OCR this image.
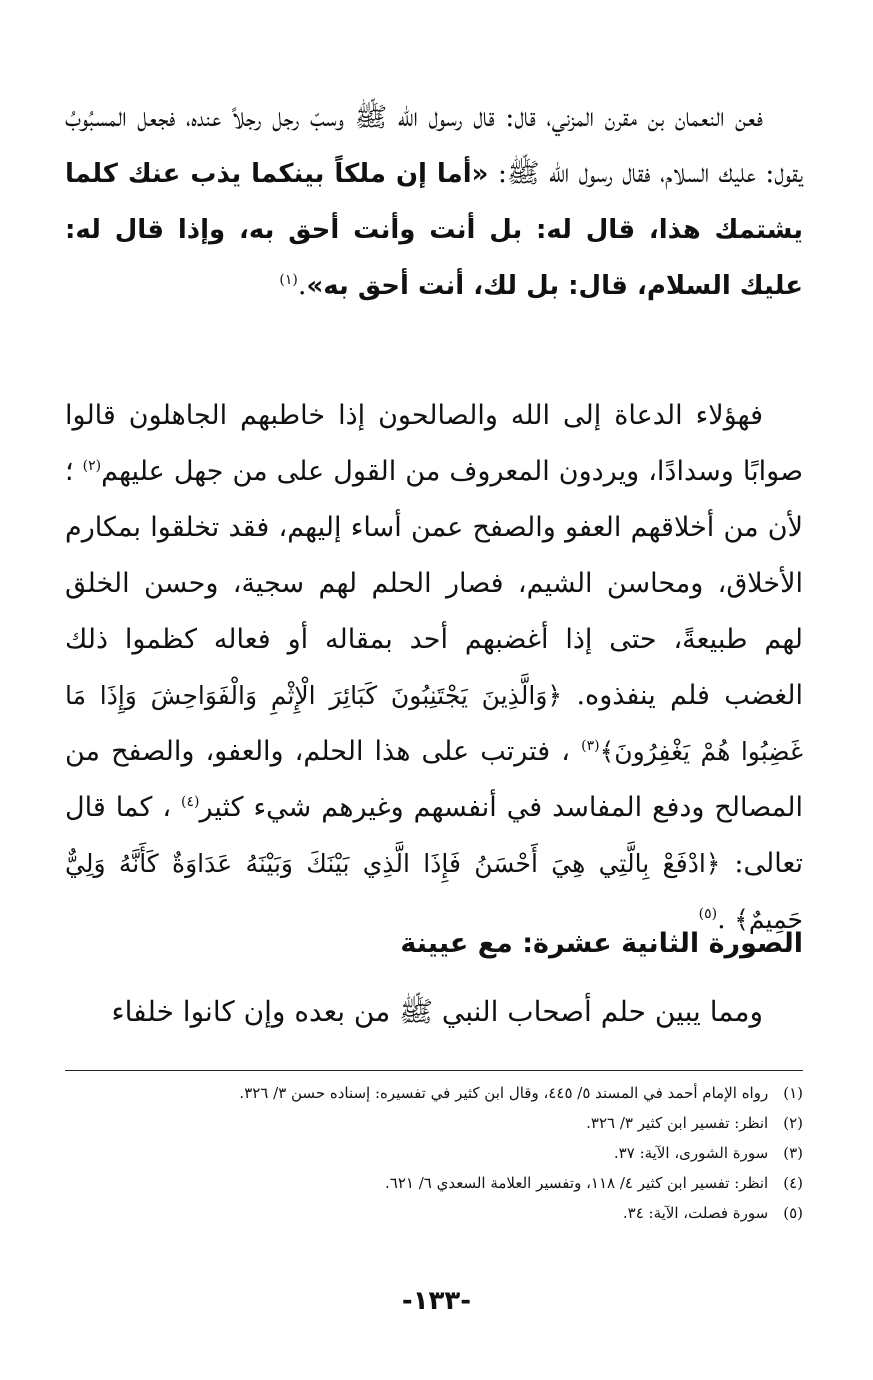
فعن النعمان بن مقرن المزني، قال: قال رسول الله ﷺ وسبّ رجل رجلاً عنده، فجعل المسبُوبُ يقول: عليك السلام، فقال رسول الله ﷺ: «أما إن ملكاً بينكما يذب عنك كلما يشتمك هذا، قال له: بل أنت وأنت أحق به، وإذا قال له: عليك السلام، قال: بل لك، أنت أحق به».$^{(١)}$

فهؤلاء الدعاة إلى الله والصالحون إذا خاطبهم الجاهلون قالوا صوابًا وسدادًا، ويردون المعروف من القول على من جهل عليهم$^{(٢)}$ ؛ لأن من أخلاقهم العفو والصفح عمن أساء إليهم، فقد تخلقوا بمكارم الأخلاق، ومحاسن الشيم، فصار الحلم لهم سجية، وحسن الخلق لهم طبيعةً، حتى إذا أغضبهم أحد بمقاله أو فعاله كظموا ذلك الغضب فلم ينفذوه. ﴿وَالَّذِينَ يَجْتَنِبُونَ كَبَائِرَ الْإِثْمِ وَالْفَوَاحِشَ وَإِذَا مَا غَضِبُوا هُمْ يَغْفِرُونَ﴾$^{(٣)}$ ، فترتب على هذا الحلم، والعفو، والصفح من المصالح ودفع المفاسد في أنفسهم وغيرهم شيء كثير$^{(٤)}$ ، كما قال تعالى: ﴿ادْفَعْ بِالَّتِي هِيَ أَحْسَنُ فَإِذَا الَّذِي بَيْنَكَ وَبَيْنَهُ عَدَاوَةٌ كَأَنَّهُ وَلِيٌّ حَمِيمٌ﴾ .$^{(٥)}$

الصورة الثانية عشرة: مع عيينة

ومما يبين حلم أصحاب النبي ﷺ من بعده وإن كانوا خلفاء

(١) رواه الإمام أحمد في المسند ٥/ ٤٤٥، وقال ابن كثير في تفسيره: إسناده حسن ٣/ ٣٢٦.
(٢) انظر: تفسير ابن كثير ٣/ ٣٢٦.
(٣) سورة الشورى، الآية: ٣٧.
(٤) انظر: تفسير ابن كثير ٤/ ١١٨، وتفسير العلامة السعدي ٦/ ٦٢١.
(٥) سورة فصلت، الآية: ٣٤.
-١٣٣-
